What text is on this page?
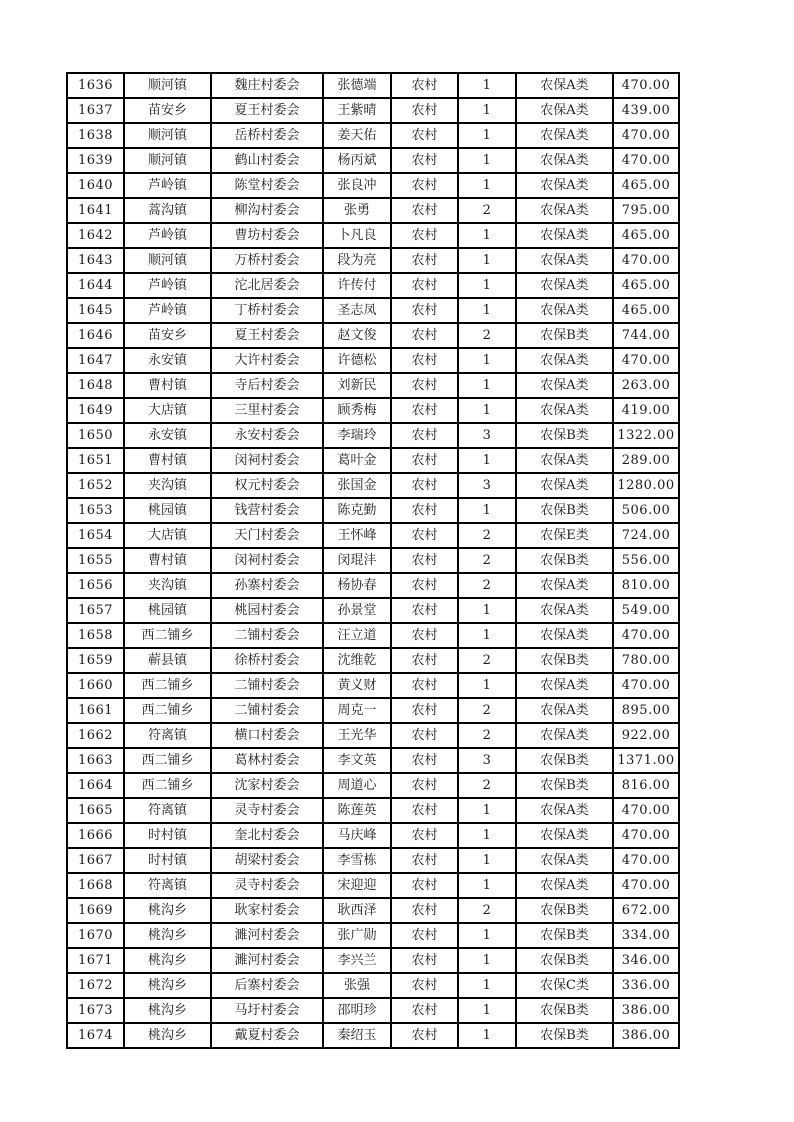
1636	顺河镇	魏庄村委会	张德端	农村	1	农保A类	470.00
1637	苗安乡	夏王村委会	王紫晴	农村	1	农保A类	439.00
1638	顺河镇	岳桥村委会	姜天佑	农村	1	农保A类	470.00
1639	顺河镇	鹤山村委会	杨丙斌	农村	1	农保A类	470.00
1640	芦岭镇	陈堂村委会	张良冲	农村	1	农保A类	465.00
1641	蒿沟镇	柳沟村委会	张勇	农村	2	农保A类	795.00
1642	芦岭镇	曹坊村委会	卜凡良	农村	1	农保A类	465.00
1643	顺河镇	万桥村委会	段为亮	农村	1	农保A类	470.00
1644	芦岭镇	沱北居委会	许传付	农村	1	农保A类	465.00
1645	芦岭镇	丁桥村委会	圣志凤	农村	1	农保A类	465.00
1646	苗安乡	夏王村委会	赵文俊	农村	2	农保B类	744.00
1647	永安镇	大许村委会	许德松	农村	1	农保A类	470.00
1648	曹村镇	寺后村委会	刘新民	农村	1	农保A类	263.00
1649	大店镇	三里村委会	顾秀梅	农村	1	农保A类	419.00
1650	永安镇	永安村委会	李瑞玲	农村	3	农保B类	1322.00
1651	曹村镇	闵祠村委会	葛叶金	农村	1	农保A类	289.00
1652	夹沟镇	权元村委会	张国金	农村	3	农保A类	1280.00
1653	桃园镇	钱营村委会	陈克勤	农村	1	农保B类	506.00
1654	大店镇	天门村委会	王怀峰	农村	2	农保E类	724.00
1655	曹村镇	闵祠村委会	闵琨沣	农村	2	农保B类	556.00
1656	夹沟镇	孙寨村委会	杨协春	农村	2	农保A类	810.00
1657	桃园镇	桃园村委会	孙景堂	农村	1	农保A类	549.00
1658	西二铺乡	二铺村委会	汪立道	农村	1	农保A类	470.00
1659	蕲县镇	徐桥村委会	沈维乾	农村	2	农保B类	780.00
1660	西二铺乡	二铺村委会	黄义财	农村	1	农保A类	470.00
1661	西二铺乡	二铺村委会	周克一	农村	2	农保A类	895.00
1662	符离镇	横口村委会	王光华	农村	2	农保A类	922.00
1663	西二铺乡	葛林村委会	李文英	农村	3	农保B类	1371.00
1664	西二铺乡	沈家村委会	周道心	农村	2	农保B类	816.00
1665	符离镇	灵寺村委会	陈莲英	农村	1	农保A类	470.00
1666	时村镇	奎北村委会	马庆峰	农村	1	农保A类	470.00
1667	时村镇	胡梁村委会	李雪栋	农村	1	农保A类	470.00
1668	符离镇	灵寺村委会	宋迎迎	农村	1	农保A类	470.00
1669	桃沟乡	耿家村委会	耿西泽	农村	2	农保B类	672.00
1670	桃沟乡	濉河村委会	张广勋	农村	1	农保B类	334.00
1671	桃沟乡	濉河村委会	李兴兰	农村	1	农保B类	346.00
1672	桃沟乡	后寨村委会	张强	农村	1	农保C类	336.00
1673	桃沟乡	马圩村委会	邵明珍	农村	1	农保B类	386.00
1674	桃沟乡	戴夏村委会	秦绍玉	农村	1	农保B类	386.00
